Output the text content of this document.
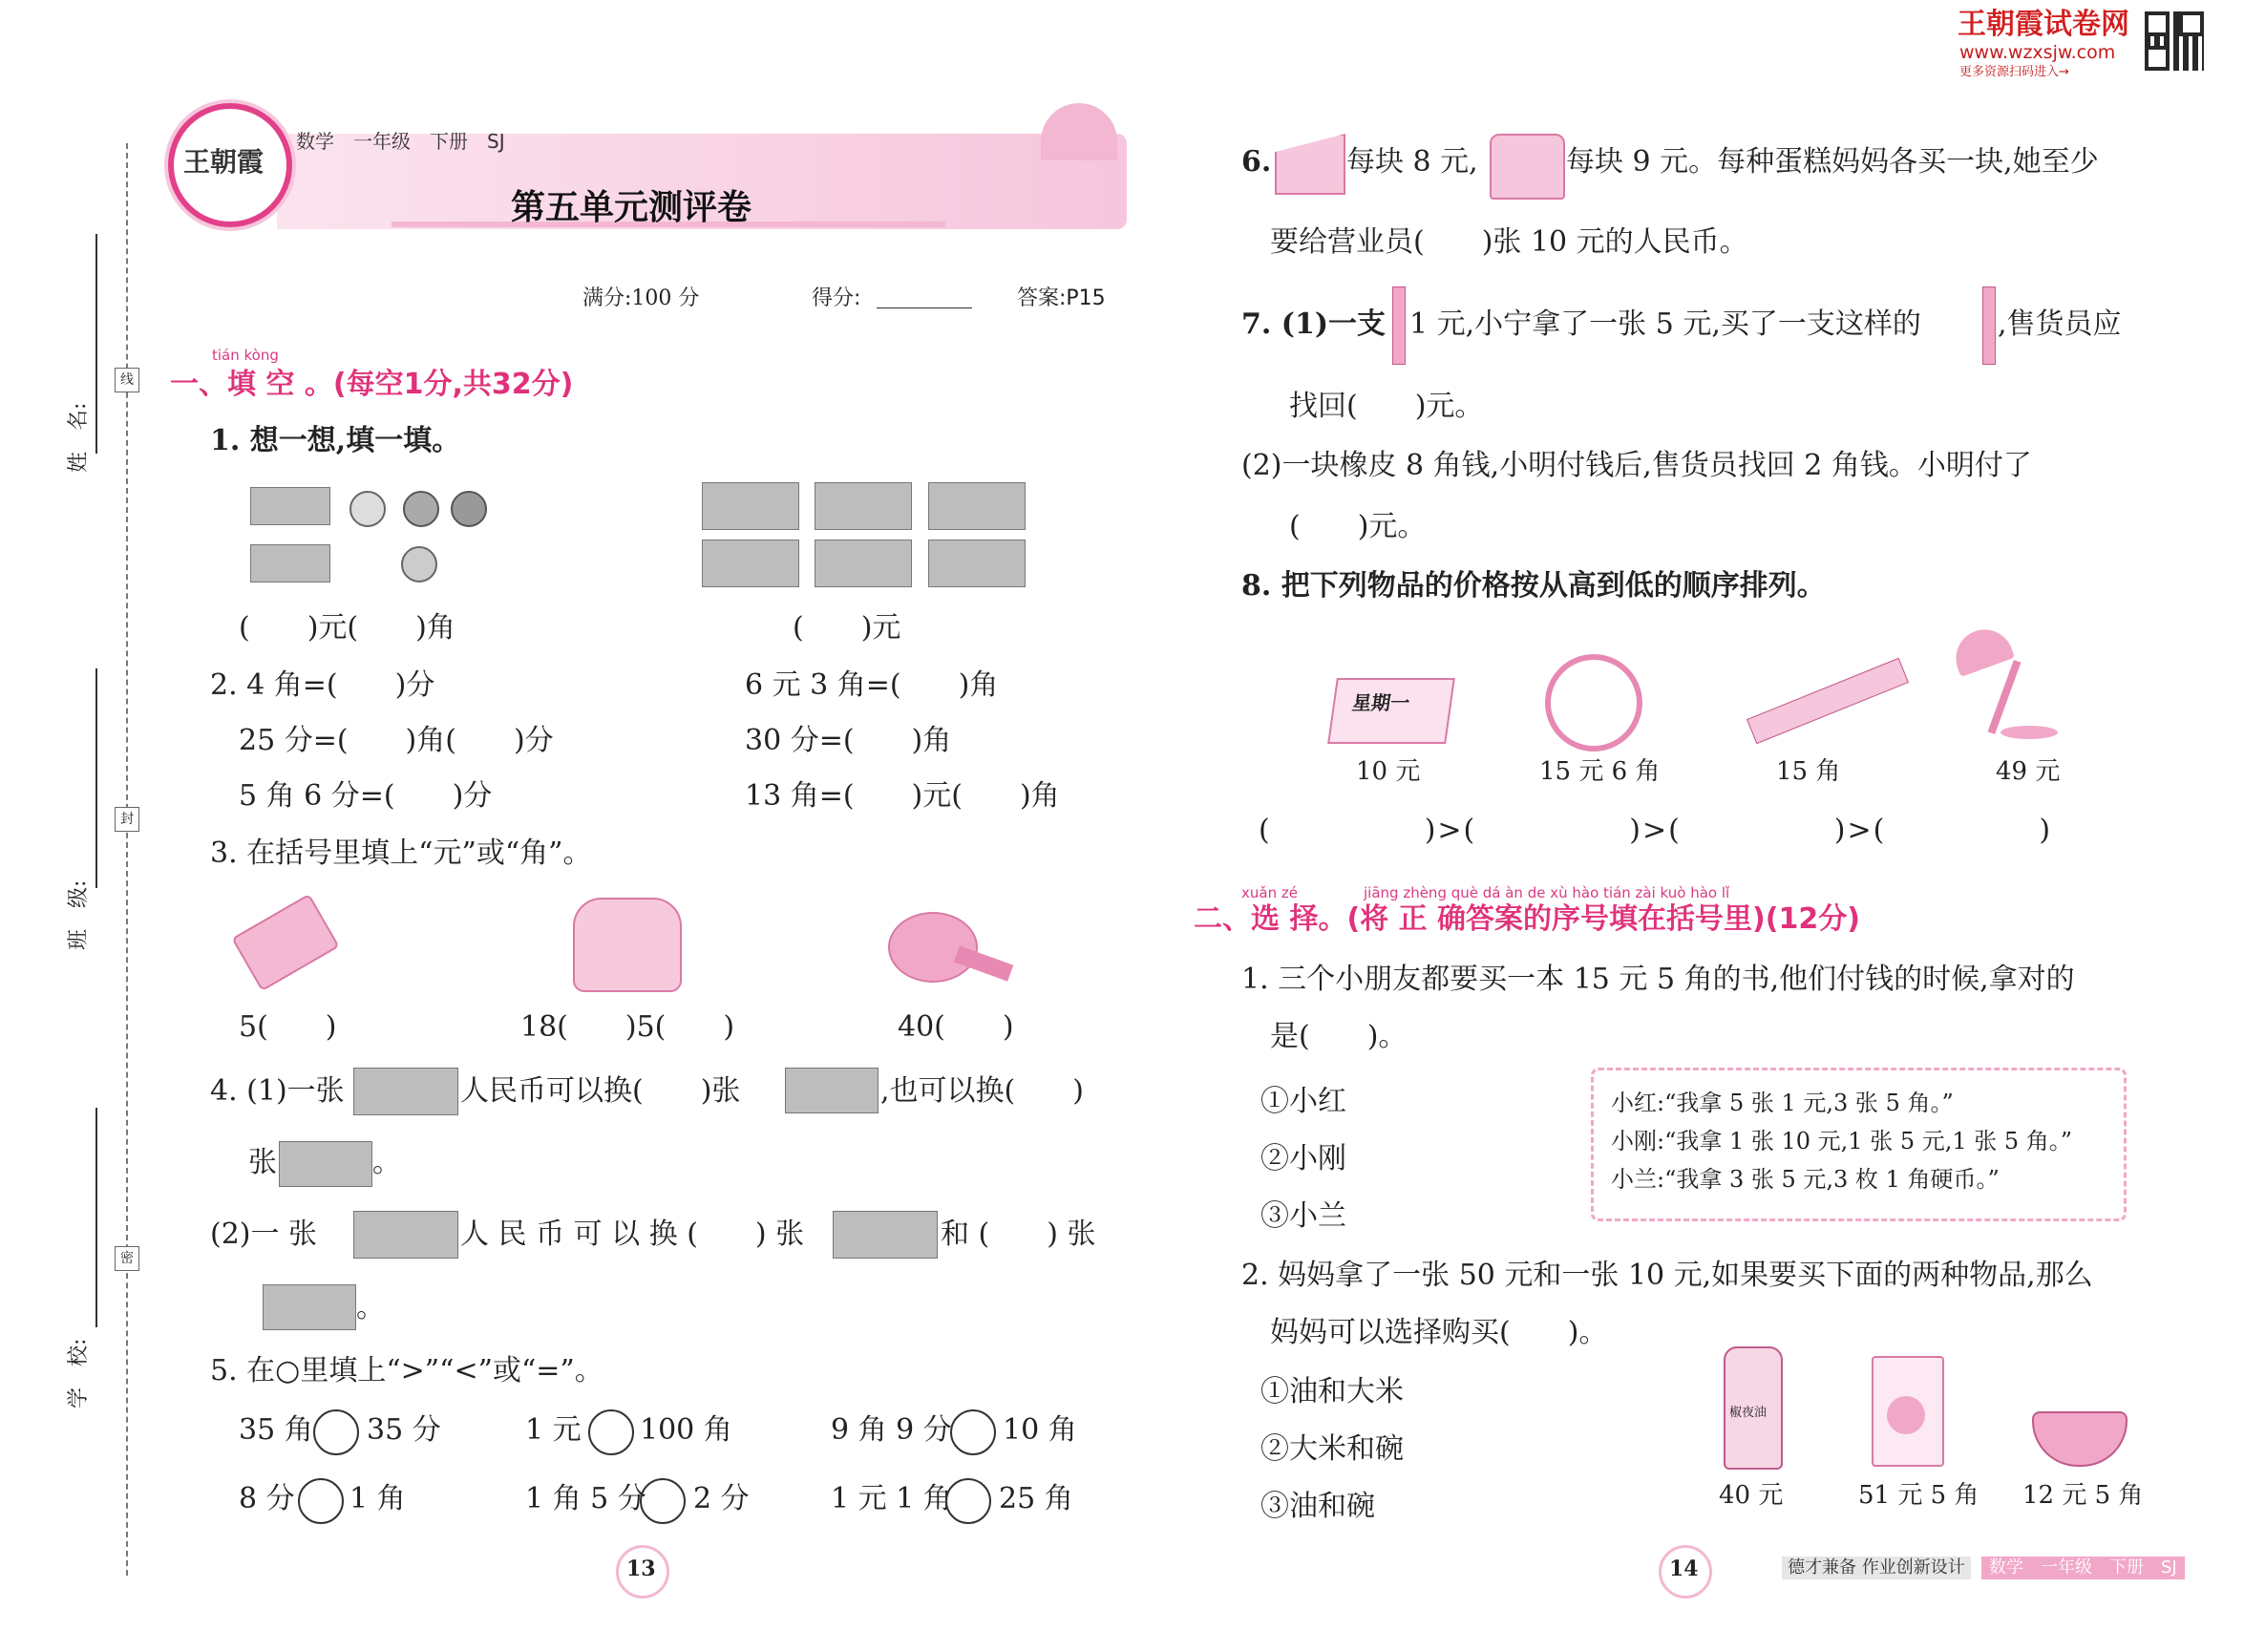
王朝霞试卷网
www.wzxsjw.com
更多资源扫码进入→
姓　名:
班　级:
学　校:
线
封
密
王朝霞
数学　一年级　下册　SJ
第五单元测评卷
满分:100 分	得分:	答案:P15
tián kòng
一、填 空 。(每空1分,共32分)
1. 想一想,填一填。
(　　)元(　　)角	(　　)元
2. 4 角=(　　)分	6 元 3 角=(　　)角
25 分=(　　)角(　　)分	30 分=(　　)角
5 角 6 分=(　　)分	13 角=(　　)元(　　)角
3. 在括号里填上“元”或“角”。
5(　　)	18(　　)5(　　)	40(　　)
4. (1)一张	人民币可以换(　　)张	,也可以换(　　)
张	。
(2)一 张	人 民 币 可 以 换 (　　) 张	和 (　　) 张
。
5. 在○里填上“>”“<”或“=”。
35 角 35 分	1 元 100 角	9 角 9 分 10 角
8 分 1 角	1 角 5 分 2 分	1 元 1 角 25 角
13
6.	每块 8 元,	每块 9 元。每种蛋糕妈妈各买一块,她至少
要给营业员(　　)张 10 元的人民币。
7. (1)一支 1 元,小宁拿了一张 5 元,买了一支这样的	,售货员应
找回(　　)元。
(2)一块橡皮 8 角钱,小明付钱后,售货员找回 2 角钱。小明付了
(　　)元。
8. 把下列物品的价格按从高到低的顺序排列。
星期一
10 元	15 元 6 角	15 角	49 元
(　　　　　)>(　　　　　)>(　　　　　)>(　　　　　)
xuǎn zé	jiāng zhèng què dá àn de xù hào tián zài kuò hào lǐ
二、选 择。(将 正 确答案的序号填在括号里)(12分)
1. 三个小朋友都要买一本 15 元 5 角的书,他们付钱的时候,拿对的
是(　　)。
①小红
②小刚
③小兰
小红:“我拿 5 张 1 元,3 张 5 角。”
小刚:“我拿 1 张 10 元,1 张 5 元,1 张 5 角。”
小兰:“我拿 3 张 5 元,3 枚 1 角硬币。”
2. 妈妈拿了一张 50 元和一张 10 元,如果要买下面的两种物品,那么
妈妈可以选择购买(　　)。
①油和大米
②大米和碗
③油和碗
椒夜油
40 元	51 元 5 角 12 元 5 角
14	德才兼备 作业创新设计	数学　一年级　下册　SJ
